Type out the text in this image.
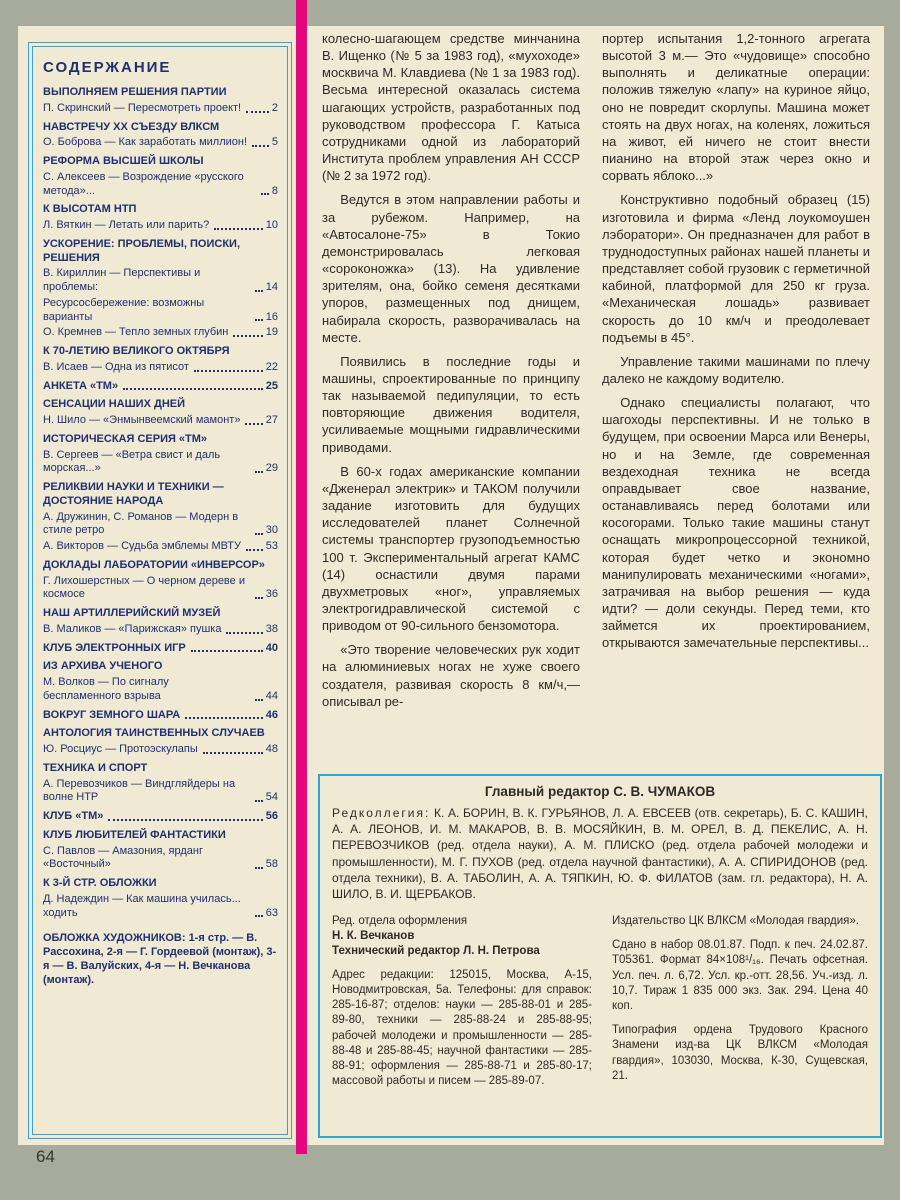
СОДЕРЖАНИЕ
ВЫПОЛНЯЕМ РЕШЕНИЯ ПАРТИИ
П. Скринский — Пересмотреть проект!	2
НАВСТРЕЧУ XX СЪЕЗДУ ВЛКСМ
О. Боброва — Как заработать миллион! 5
РЕФОРМА ВЫСШЕЙ ШКОЛЫ
С. Алексеев — Возрождение «русского метода»...	8
К ВЫСОТАМ НТП
Л. Вяткин — Летать или парить?	10
УСКОРЕНИЕ: ПРОБЛЕМЫ, ПОИСКИ, РЕШЕНИЯ
В. Кириллин — Перспективы и проблемы:	14
Ресурсосбережение: возможны варианты	16
О. Кремнев — Тепло земных глубин	19
К 70-ЛЕТИЮ ВЕЛИКОГО ОКТЯБРЯ
В. Исаев — Одна из пятисот	22
АНКЕТА «ТМ»	25
СЕНСАЦИИ НАШИХ ДНЕЙ
Н. Шило — «Энмынвеемский мамонт» 27
ИСТОРИЧЕСКАЯ СЕРИЯ «ТМ»
В. Сергеев — «Ветра свист и даль морская...»	29
РЕЛИКВИИ НАУКИ И ТЕХНИКИ — ДОСТОЯНИЕ НАРОДА
А. Дружинин, С. Романов — Модерн в стиле ретро	30
А. Викторов — Судьба эмблемы МВТУ 53
ДОКЛАДЫ ЛАБОРАТОРИИ «ИНВЕРСОР»
Г. Лихошерстных — О черном дереве и космосе	36
НАШ АРТИЛЛЕРИЙСКИЙ МУЗЕЙ
В. Маликов — «Парижская» пушка	38
КЛУБ ЭЛЕКТРОННЫХ ИГР	40
ИЗ АРХИВА УЧЕНОГО
М. Волков — По сигналу беспламенного взрыва	44
ВОКРУГ ЗЕМНОГО ШАРА	46
АНТОЛОГИЯ ТАИНСТВЕННЫХ СЛУЧАЕВ
Ю. Росциус — Протоэскулапы	48
ТЕХНИКА И СПОРТ
А. Перевозчиков — Виндгляйдеры на волне НТР	54
КЛУБ «ТМ»	56
КЛУБ ЛЮБИТЕЛЕЙ ФАНТАСТИКИ
С. Павлов — Амазония, ярданг «Восточный»	58
К 3-Й СТР. ОБЛОЖКИ
Д. Надеждин — Как машина училась... ходить	63
ОБЛОЖКА ХУДОЖНИКОВ: 1-я стр. — В. Рассохина, 2-я — Г. Гордеевой (монтаж), 3-я — В. Валуйских, 4-я — Н. Вечканова (монтаж).

колесно-шагающем средстве минчанина В. Ищенко (№ 5 за 1983 год), «мухоходе» москвича М. Клавдиева (№ 1 за 1983 год). Весьма интересной оказалась система шагающих устройств, разработанных под руководством профессора Г. Катыса сотрудниками одной из лабораторий Института проблем управления АН СССР (№ 2 за 1972 год).

Ведутся в этом направлении работы и за рубежом. Например, на «Автосалоне-75» в Токио демонстрировалась легковая «сороконожка» (13). На удивление зрителям, она, бойко семеня десятками упоров, размещенных под днищем, набирала скорость, разворачивалась на месте.

Появились в последние годы и машины, спроектированные по принципу так называемой педипуляции, то есть повторяющие движения водителя, усиливаемые мощными гидравлическими приводами.

В 60-х годах американские компании «Дженерал электрик» и ТАКОМ получили задание изготовить для будущих исследователей планет Солнечной системы транспортер грузоподъемностью 100 т. Экспериментальный агрегат КАМС (14) оснастили двумя парами двухметровых «ног», управляемых электрогидравлической системой с приводом от 90-сильного бензомотора.

«Это творение человеческих рук ходит на алюминиевых ногах не хуже своего создателя, развивая скорость 8 км/ч,— описывал ре-

портер испытания 1,2-тонного агрегата высотой 3 м.— Это «чудовище» способно выполнять и деликатные операции: положив тяжелую «лапу» на куриное яйцо, оно не повредит скорлупы. Машина может стоять на двух ногах, на коленях, ложиться на живот, ей ничего не стоит внести пианино на второй этаж через окно и сорвать яблоко...»

Конструктивно подобный образец (15) изготовила и фирма «Ленд лоукомоушен лэборатори». Он предназначен для работ в труднодоступных районах нашей планеты и представляет собой грузовик с герметичной кабиной, платформой для 250 кг груза. «Механическая лошадь» развивает скорость до 10 км/ч и преодолевает подъемы в 45°.

Управление такими машинами по плечу далеко не каждому водителю.

Однако специалисты полагают, что шагоходы перспективны. И не только в будущем, при освоении Марса или Венеры, но и на Земле, где современная вездеходная техника не всегда оправдывает свое название, останавливаясь перед болотами или косогорами. Только такие машины станут оснащать микропроцессорной техникой, которая будет четко и экономно манипулировать механическими «ногами», затрачивая на выбор решения — куда идти? — доли секунды. Перед теми, кто займется их проектированием, открываются замечательные перспективы...

Главный редактор С. В. ЧУМАКОВ

Редколлегия: К. А. БОРИН, В. К. ГУРЬЯНОВ, Л. А. ЕВСЕЕВ (отв. секретарь), Б. С. КАШИН, А. А. ЛЕОНОВ, И. М. МАКАРОВ, В. В. МОСЯЙКИН, В. М. ОРЕЛ, В. Д. ПЕКЕЛИС, А. Н. ПЕРЕВОЗЧИКОВ (ред. отдела науки), А. М. ПЛИСКО (ред. отдела рабочей молодежи и промышленности), М. Г. ПУХОВ (ред. отдела научной фантастики), А. А. СПИРИДОНОВ (ред. отдела техники), В. А. ТАБОЛИН, А. А. ТЯПКИН, Ю. Ф. ФИЛАТОВ (зам. гл. редактора), Н. А. ШИЛО, В. И. ЩЕРБАКОВ.

Ред. отдела оформления
Н. К. Вечканов
Технический редактор Л. Н. Петрова

Адрес редакции: 125015, Москва, А-15, Новодмитровская, 5а. Телефоны: для справок: 285-16-87; отделов: науки — 285-88-01 и 285-89-80, техники — 285-88-24 и 285-88-95; рабочей молодежи и промышленности — 285-88-48 и 285-88-45; научной фантастики — 285-88-91; оформления — 285-88-71 и 285-80-17; массовой работы и писем — 285-89-07.

Издательство ЦК ВЛКСМ «Молодая гвардия».

Сдано в набор 08.01.87. Подп. к печ. 24.02.87. Т05361. Формат 84×108¹/₁₆. Печать офсетная. Усл. печ. л. 6,72. Усл. кр.-отт. 28,56. Уч.-изд. л. 10,7. Тираж 1 835 000 экз. Зак. 294. Цена 40 коп.

Типография ордена Трудового Красного Знамени изд-ва ЦК ВЛКСМ «Молодая гвардия», 103030, Москва, К-30, Сущевская, 21.

64
